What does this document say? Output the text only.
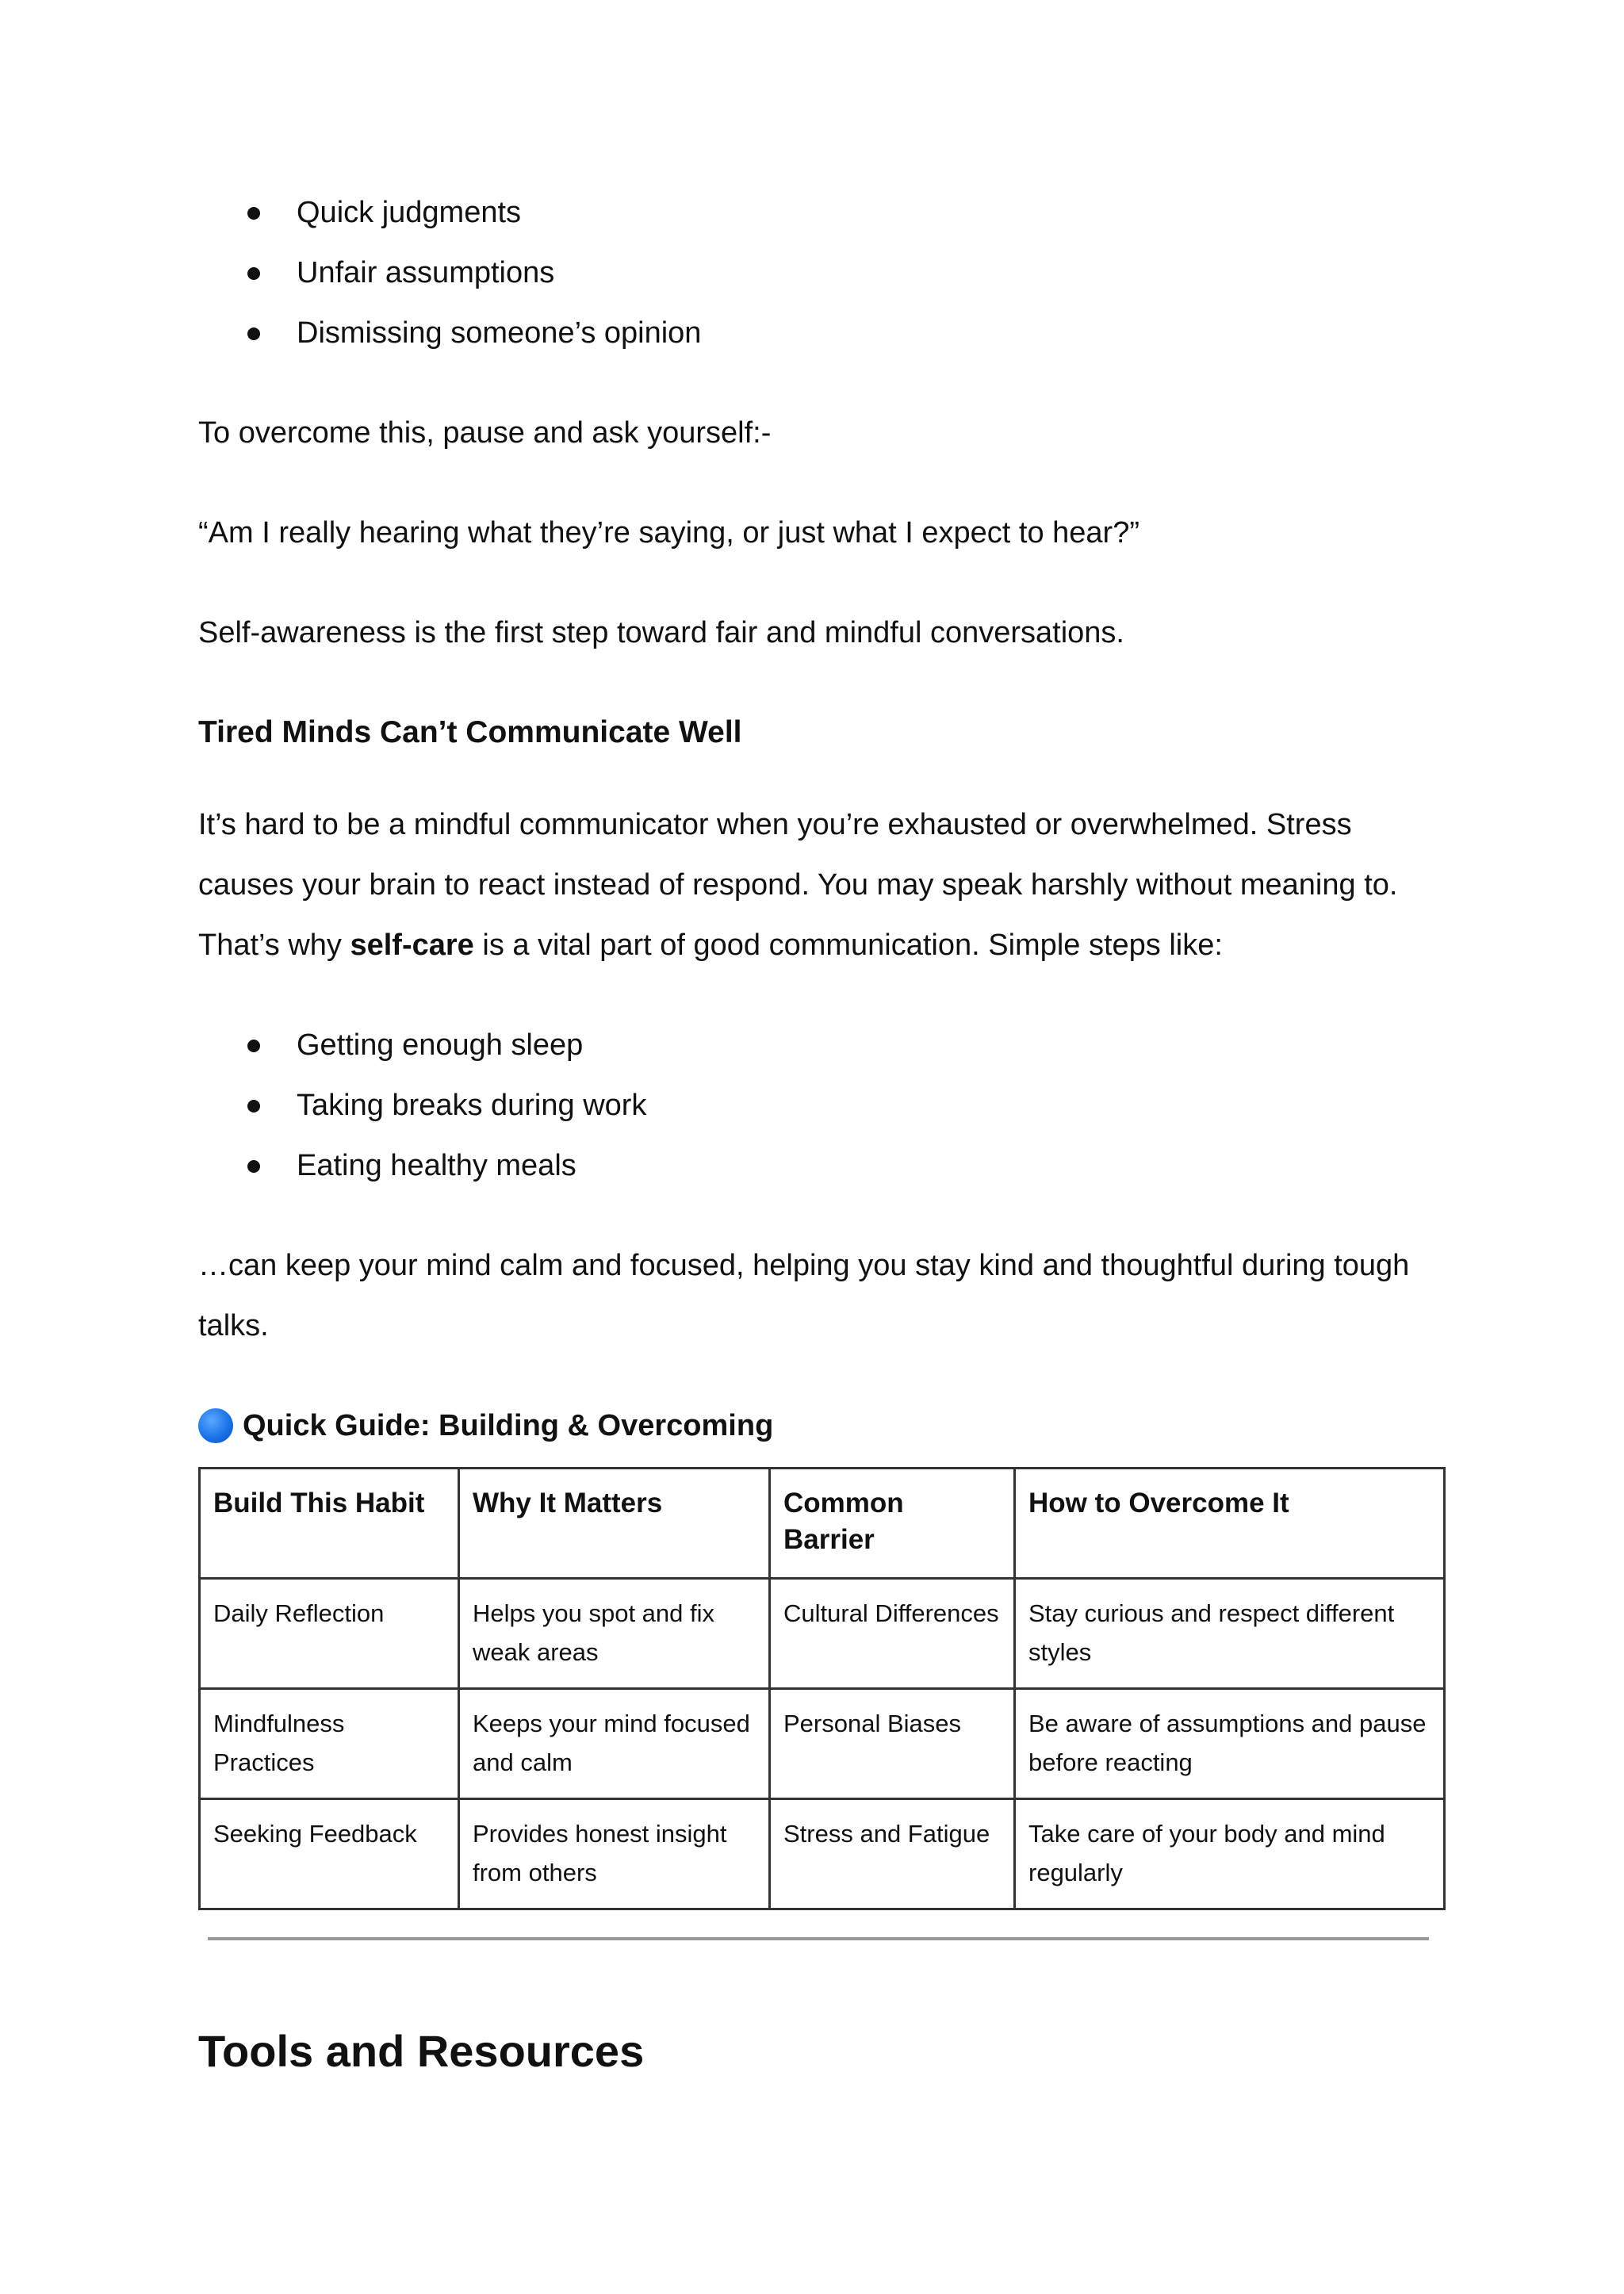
Quick judgments
Unfair assumptions
Dismissing someone’s opinion

To overcome this, pause and ask yourself:-

“Am I really hearing what they’re saying, or just what I expect to hear?”

Self-awareness is the first step toward fair and mindful conversations.

Tired Minds Can’t Communicate Well

It’s hard to be a mindful communicator when you’re exhausted or overwhelmed. Stress
causes your brain to react instead of respond. You may speak harshly without meaning to.
That’s why self-care is a vital part of good communication. Simple steps like:

Getting enough sleep
Taking breaks during work
Eating healthy meals

…can keep your mind calm and focused, helping you stay kind and thoughtful during tough talks.

Quick Guide: Building & Overcoming
Build This Habit	Why It Matters	Common Barrier	How to Overcome It
Daily Reflection	Helps you spot and fix weak areas	Cultural Differences	Stay curious and respect different styles
Mindfulness Practices	Keeps your mind focused and calm	Personal Biases	Be aware of assumptions and pause before reacting
Seeking Feedback	Provides honest insight from others	Stress and Fatigue	Take care of your body and mind regularly
Tools and Resources
